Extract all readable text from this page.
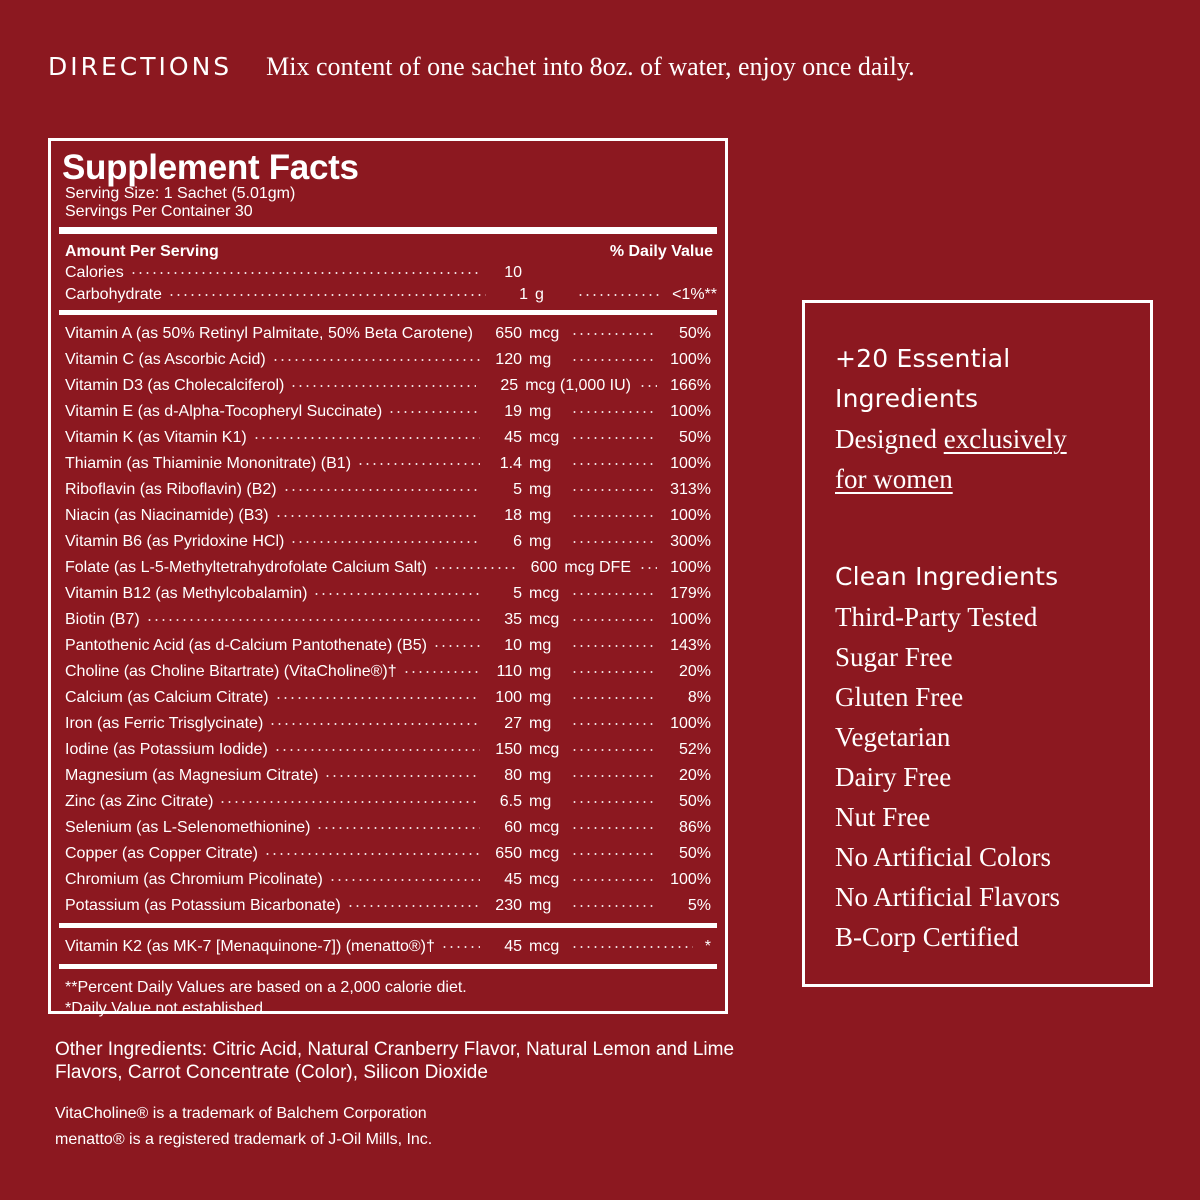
DIRECTIONS Mix content of one sachet into 8oz. of water, enjoy once daily.
Supplement Facts
Serving Size: 1 Sachet (5.01gm)
Servings Per Container 30
Amount Per Serving	% Daily Value
Calories	10
Carbohydrate	1 g	<1%**
Vitamin A (as 50% Retinyl Palmitate, 50% Beta Carotene)	650 mcg	50%
Vitamin C (as Ascorbic Acid)	120 mg	100%
Vitamin D3 (as Cholecalciferol)	25 mcg (1,000 IU)	166%
Vitamin E (as d-Alpha-Tocopheryl Succinate)	19 mg	100%
Vitamin K (as Vitamin K1)	45 mcg	50%
Thiamin (as Thiaminie Mononitrate) (B1)	1.4 mg	100%
Riboflavin (as Riboflavin) (B2)	5 mg	313%
Niacin (as Niacinamide) (B3)	18 mg	100%
Vitamin B6 (as Pyridoxine HCl)	6 mg	300%
Folate (as L-5-Methyltetrahydrofolate Calcium Salt)	600 mcg DFE	100%
Vitamin B12 (as Methylcobalamin)	5 mcg	179%
Biotin (B7)	35 mcg	100%
Pantothenic Acid (as d-Calcium Pantothenate) (B5)	10 mg	143%
Choline (as Choline Bitartrate) (VitaCholine®)†	110 mg	20%
Calcium (as Calcium Citrate)	100 mg	8%
Iron (as Ferric Trisglycinate)	27 mg	100%
Iodine (as Potassium Iodide)	150 mcg	52%
Magnesium (as Magnesium Citrate)	80 mg	20%
Zinc (as Zinc Citrate)	6.5 mg	50%
Selenium (as L-Selenomethionine)	60 mcg	86%
Copper (as Copper Citrate)	650 mcg	50%
Chromium (as Chromium Picolinate)	45 mcg	100%
Potassium (as Potassium Bicarbonate)	230 mg	5%
Vitamin K2 (as MK-7 [Menaquinone-7]) (menatto®)†	45 mcg	*
**Percent Daily Values are based on a 2,000 calorie diet.
*Daily Value not established.
Other Ingredients: Citric Acid, Natural Cranberry Flavor, Natural Lemon and Lime Flavors, Carrot Concentrate (Color), Silicon Dioxide
VitaCholine® is a trademark of Balchem Corporation
menatto® is a registered trademark of J-Oil Mills, Inc.
+20 Essential
Ingredients
Designed exclusively
for women
Clean Ingredients
Third-Party Tested
Sugar Free
Gluten Free
Vegetarian
Dairy Free
Nut Free
No Artificial Colors
No Artificial Flavors
B-Corp Certified
